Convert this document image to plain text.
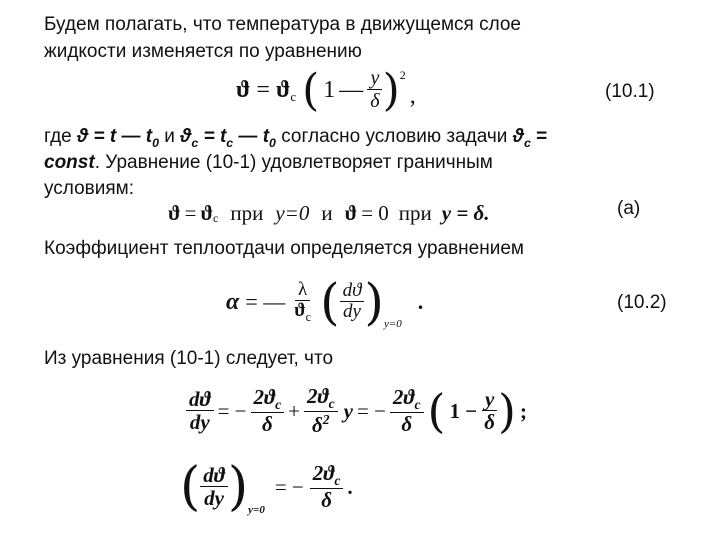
Будем полагать, что температура в движущемся слое
жидкости изменяется по уравнению
$ϑ = ϑ_c$ ( 1 — $\frac{y}{\delta}$ ) 2
,	(10.1)
где ϑ = t — $t_0$ и $ϑ_c = t_c$ — $t_0$ согласно условию задачи $ϑ_c$ =
const. Уравнение (10-1) удовлетворяет граничным
условиям:
$ϑ = ϑ_c$ при y=0 и ϑ = 0 при y = δ.	(a)
Коэффициент теплоотдачи определяется уравнением
α = — $\frac{\lambda}{ϑ_c}$ ( $\frac{dϑ}{dy}$ ) y=0
.	(10.2)
Из уравнения (10-1) следует, что
$\frac{dϑ}{dy}$ = − $\frac{2ϑ_c}{\delta} + \frac{2ϑ_c}{\delta^2}$ y = − $\frac{2ϑ_c}{\delta}$ ( $1 - \frac{y}{\delta}$ ) ;
( $\frac{dϑ}{dy}$ ) y=0
= − $\frac{2ϑ_c}{\delta}$ .
